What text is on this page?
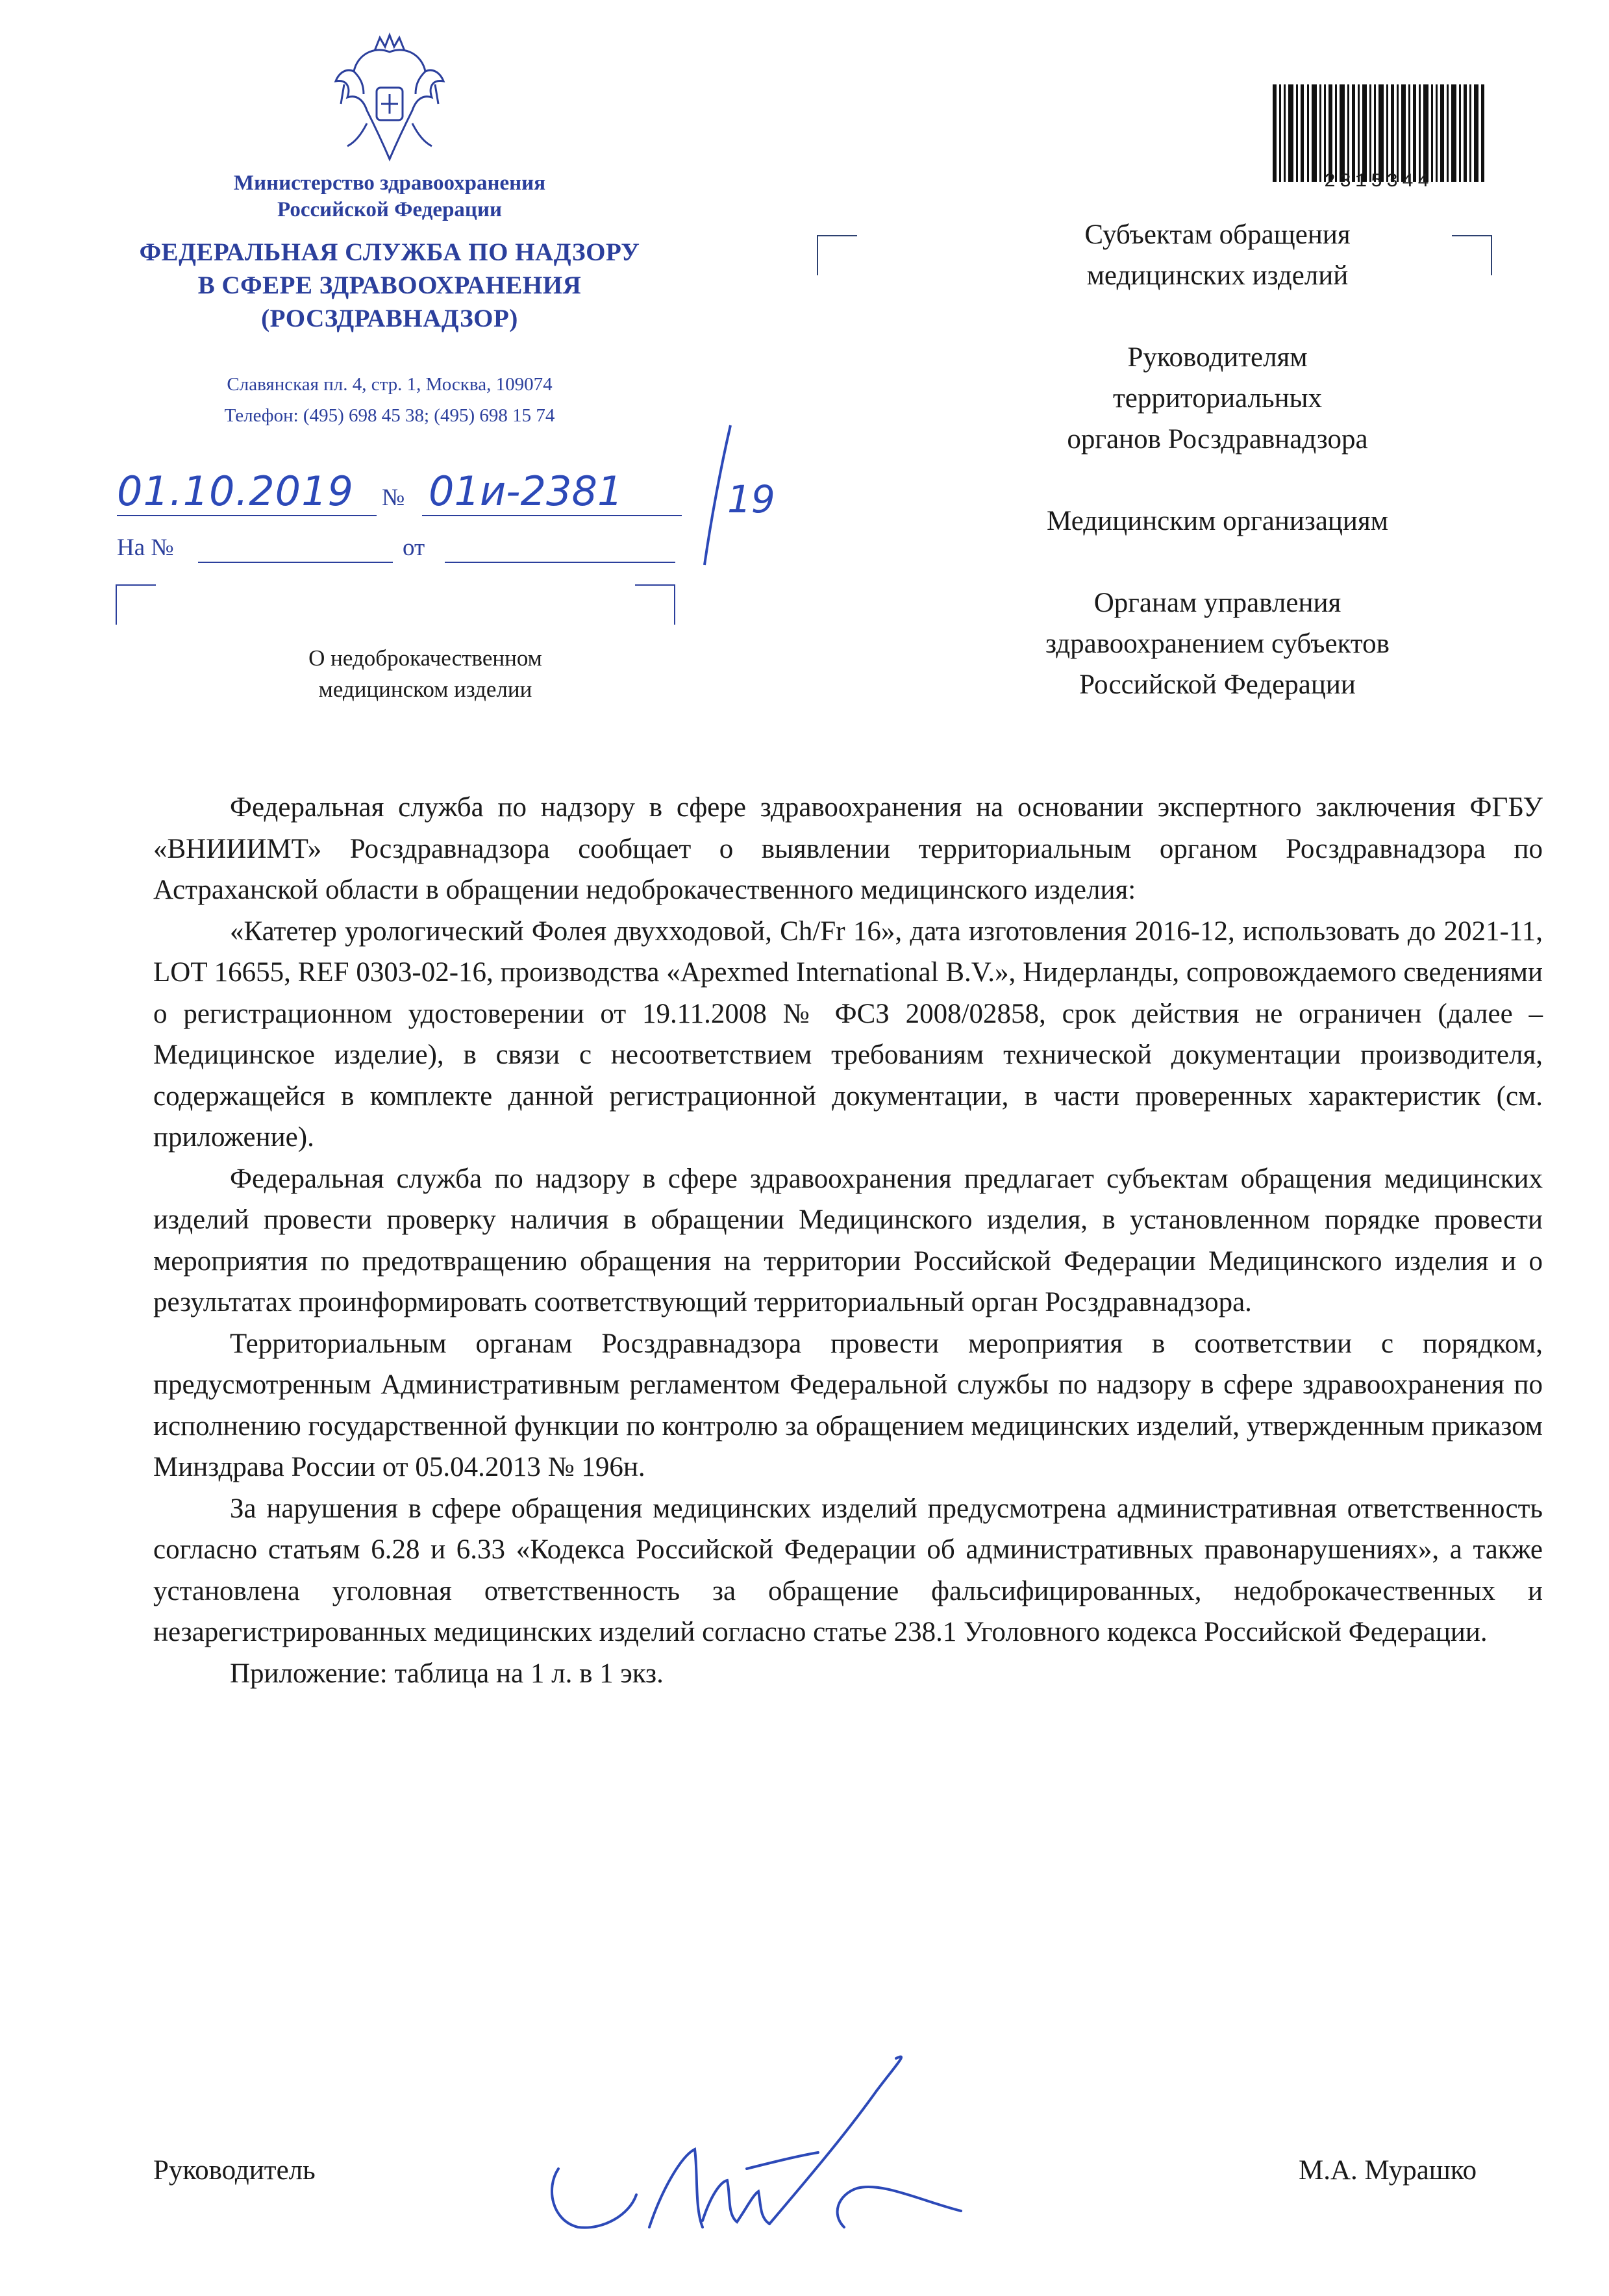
Министерство здравоохранения
Российской Федерации
ФЕДЕРАЛЬНАЯ СЛУЖБА ПО НАДЗОРУ
В СФЕРЕ ЗДРАВООХРАНЕНИЯ
(РОСЗДРАВНАДЗОР)
Славянская пл. 4, стр. 1, Москва, 109074
Телефон: (495) 698 45 38; (495) 698 15 74
01.10.2019 № 01и-2381	19
На №	от
О недоброкачественном
медицинском изделии
2315344
Субъектам обращения
медицинских изделий
Руководителям
территориальных
органов Росздравнадзора
Медицинским организациям
Органам управления
здравоохранением субъектов
Российской Федерации

Федеральная служба по надзору в сфере здравоохранения на основании экспертного заключения ФГБУ «ВНИИИМТ» Росздравнадзора сообщает о выявлении территориальным органом Росздравнадзора по Астраханской области в обращении недоброкачественного медицинского изделия:

«Катетер урологический Фолея двухходовой, Ch/Fr 16», дата изготовления 2016-12, использовать до 2021-11, LOT 16655, REF 0303-02-16, производства «Apexmed International B.V.», Нидерланды, сопровождаемого сведениями о регистрационном удостоверении от 19.11.2008 № ФСЗ 2008/02858, срок действия не ограничен (далее – Медицинское изделие), в связи с несоответствием требованиям технической документации производителя, содержащейся в комплекте данной регистрационной документации, в части проверенных характеристик (см. приложение).

Федеральная служба по надзору в сфере здравоохранения предлагает субъектам обращения медицинских изделий провести проверку наличия в обращении Медицинского изделия, в установленном порядке провести мероприятия по предотвращению обращения на территории Российской Федерации Медицинского изделия и о результатах проинформировать соответствующий территориальный орган Росздравнадзора.

Территориальным органам Росздравнадзора провести мероприятия в соответствии с порядком, предусмотренным Административным регламентом Федеральной службы по надзору в сфере здравоохранения по исполнению государственной функции по контролю за обращением медицинских изделий, утвержденным приказом Минздрава России от 05.04.2013 № 196н.

За нарушения в сфере обращения медицинских изделий предусмотрена административная ответственность согласно статьям 6.28 и 6.33 «Кодекса Российской Федерации об административных правонарушениях», а также установлена уголовная ответственность за обращение фальсифицированных, недоброкачественных и незарегистрированных медицинских изделий согласно статье 238.1 Уголовного кодекса Российской Федерации.

Приложение: таблица на 1 л. в 1 экз.

Руководитель	М.А. Мурашко
